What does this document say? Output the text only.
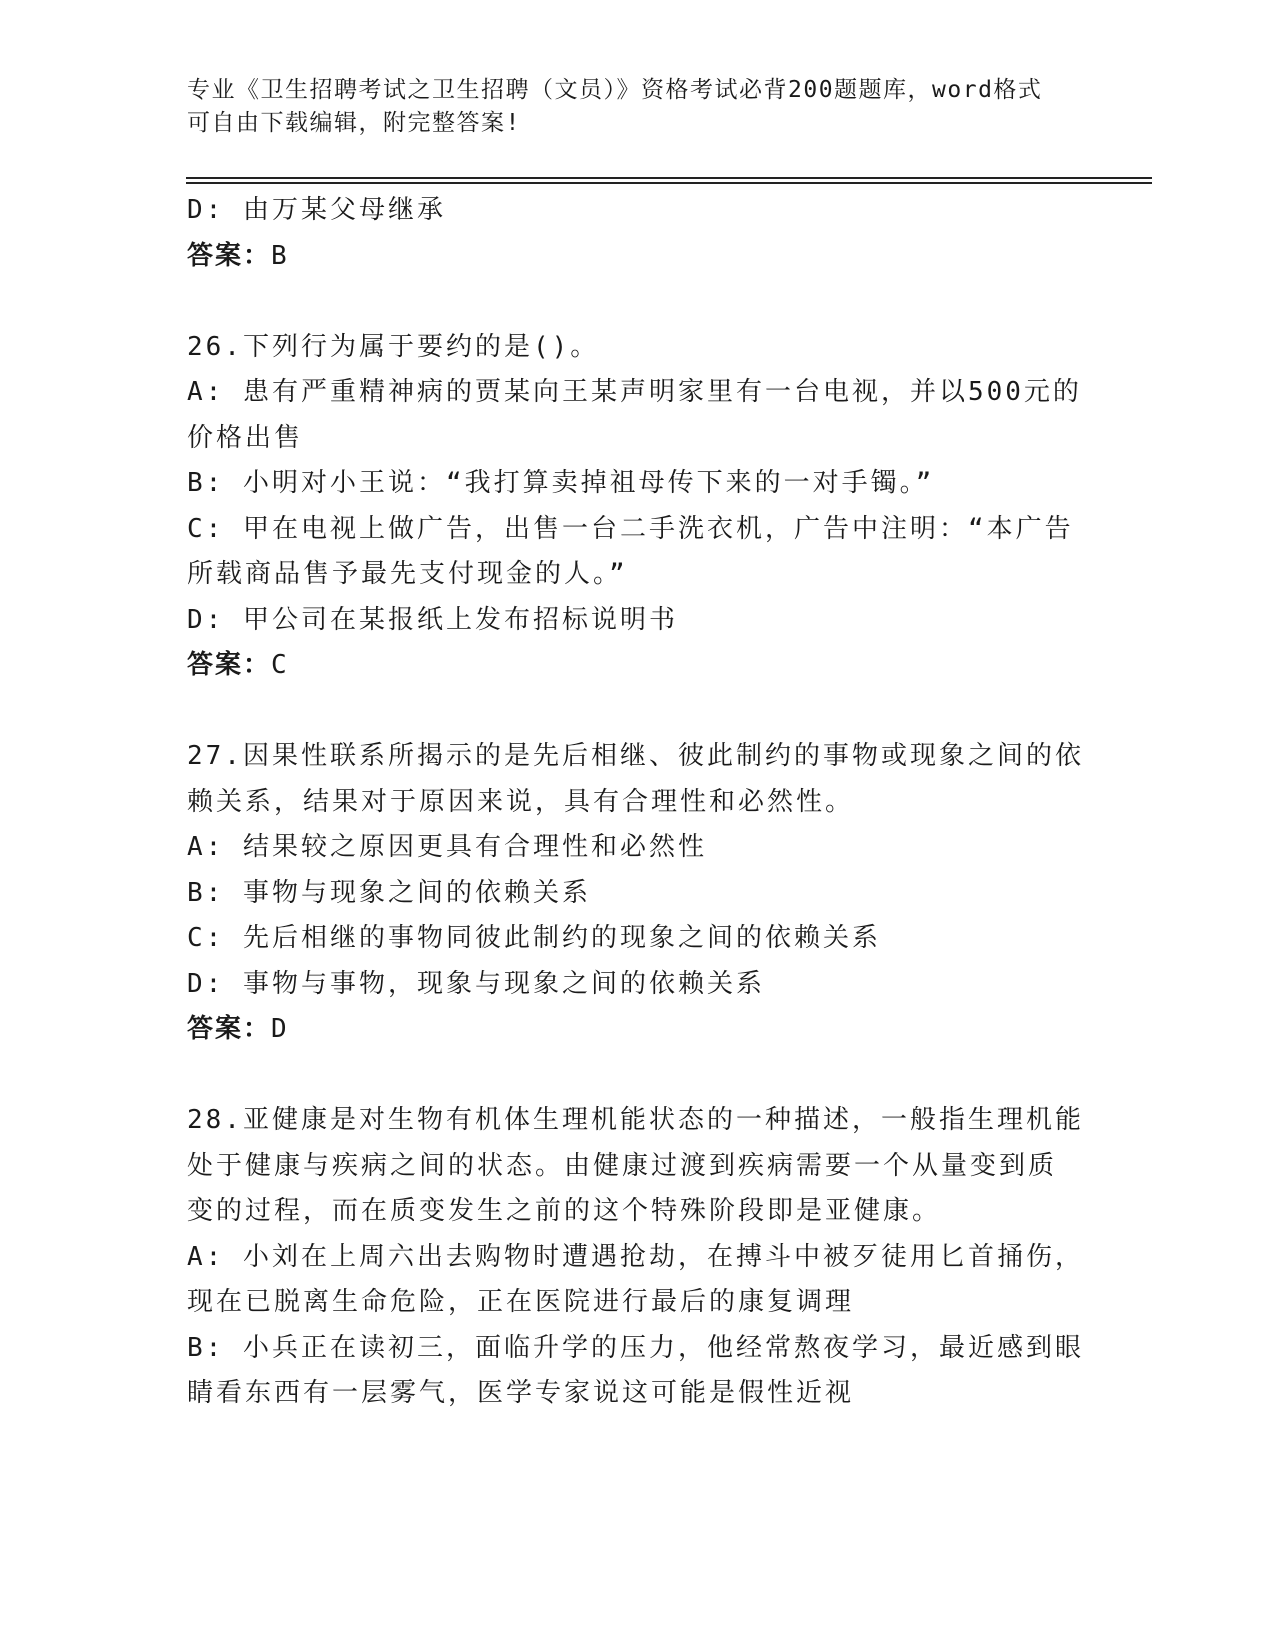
专业《卫生招聘考试之卫生招聘（文员）》资格考试必背200题题库，word格式
可自由下载编辑，附完整答案!
D: 由万某父母继承
答案：B
26.下列行为属于要约的是()。
A: 患有严重精神病的贾某向王某声明家里有一台电视，并以500元的
价格出售
B: 小明对小王说：“我打算卖掉祖母传下来的一对手镯。”
C: 甲在电视上做广告，出售一台二手洗衣机，广告中注明：“本广告
所载商品售予最先支付现金的人。”
D: 甲公司在某报纸上发布招标说明书
答案：C
27.因果性联系所揭示的是先后相继、彼此制约的事物或现象之间的依
赖关系，结果对于原因来说，具有合理性和必然性。
A: 结果较之原因更具有合理性和必然性
B: 事物与现象之间的依赖关系
C: 先后相继的事物同彼此制约的现象之间的依赖关系
D: 事物与事物，现象与现象之间的依赖关系
答案：D
28.亚健康是对生物有机体生理机能状态的一种描述，一般指生理机能
处于健康与疾病之间的状态。由健康过渡到疾病需要一个从量变到质
变的过程，而在质变发生之前的这个特殊阶段即是亚健康。
A: 小刘在上周六出去购物时遭遇抢劫，在搏斗中被歹徒用匕首捅伤，
现在已脱离生命危险，正在医院进行最后的康复调理
B: 小兵正在读初三，面临升学的压力，他经常熬夜学习，最近感到眼
睛看东西有一层雾气，医学专家说这可能是假性近视
